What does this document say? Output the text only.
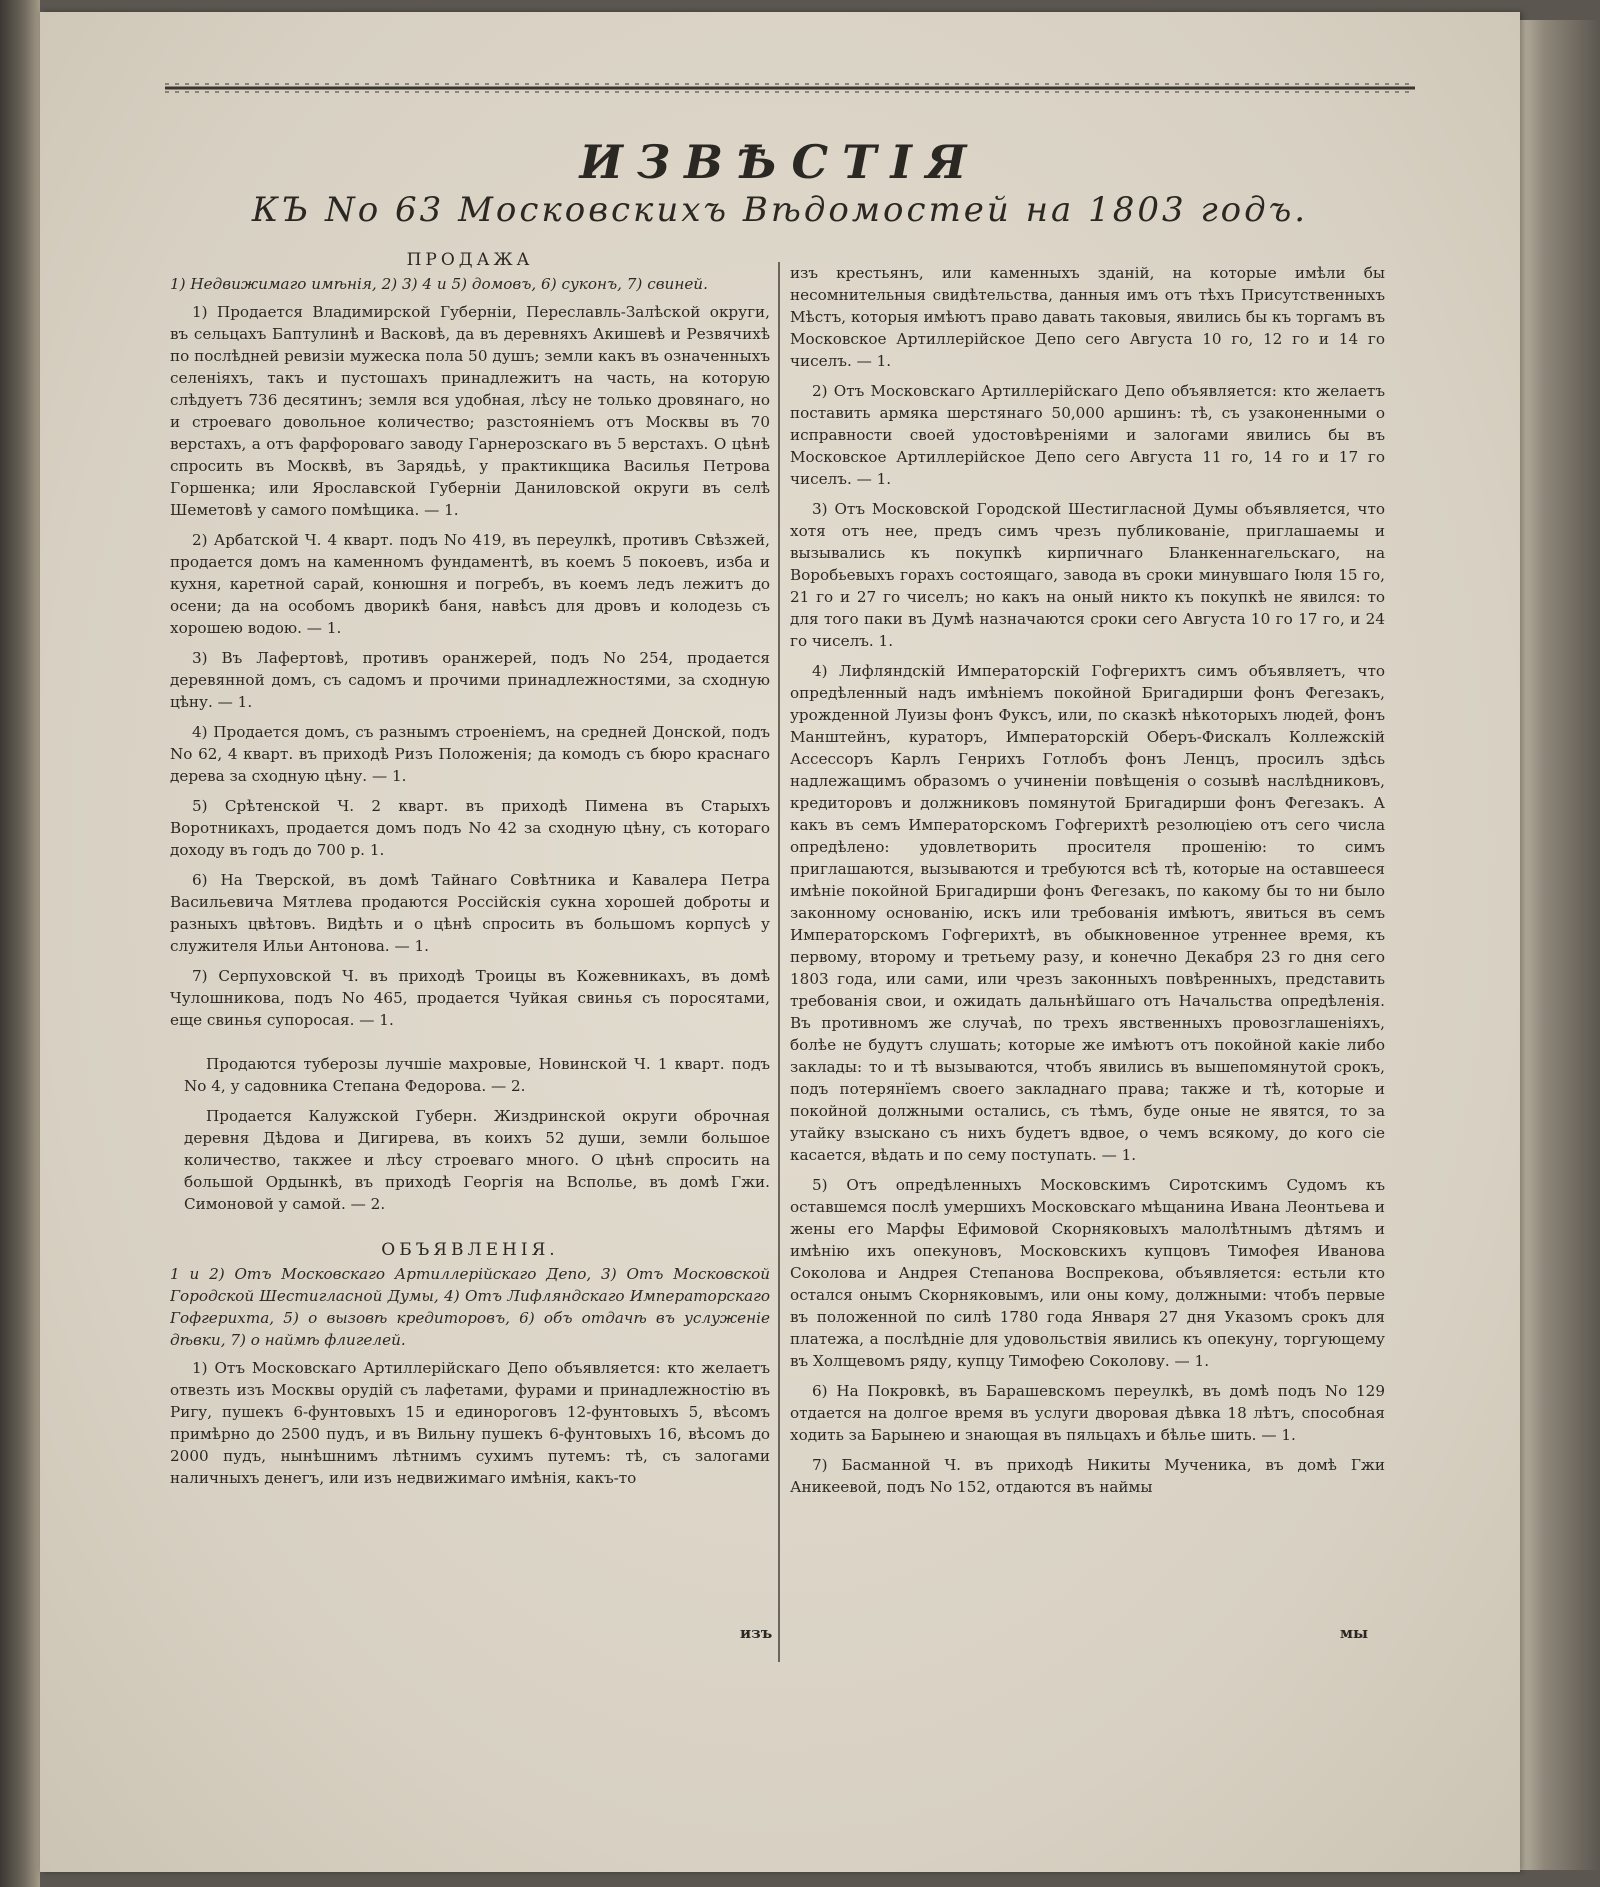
ИЗВѢСТІЯ
КЪ No 63 Московскихъ Вѣдомостей на 1803 годъ.
ПРОДАЖА
1) Недвижимаго имѣнія, 2) 3) 4 и 5) домовъ, 6) суконъ, 7) свиней.

1) Продается Владимирской Губерніи, Переславль-Залѣской округи, въ сельцахъ Баптулинѣ и Васковѣ, да въ деревняхъ Акишевѣ и Резвячихѣ по послѣдней ревизіи мужеска пола 50 душъ; земли какъ въ означенныхъ селеніяхъ, такъ и пустошахъ принадлежитъ на часть, на которую слѣдуетъ 736 десятинъ; земля вся удобная, лѣсу не только дровянаго, но и строеваго довольное количество; разстояніемъ отъ Москвы въ 70 верстахъ, а отъ фарфороваго заводу Гарнерозскаго въ 5 верстахъ. О цѣнѣ спросить въ Москвѣ, въ Зарядьѣ, у практикщика Василья Петрова Горшенка; или Ярославской Губерніи Даниловской округи въ селѣ Шеметовѣ у самого помѣщика. — 1.

2) Арбатской Ч. 4 кварт. подъ No 419, въ переулкѣ, противъ Свѣзжей, продается домъ на каменномъ фундаментѣ, въ коемъ 5 покоевъ, изба и кухня, каретной сарай, конюшня и погребъ, въ коемъ ледъ лежитъ до осени; да на особомъ дворикѣ баня, навѣсъ для дровъ и колодезь съ хорошею водою. — 1.

3) Въ Лафертовѣ, противъ оранжерей, подъ No 254, продается деревянной домъ, съ садомъ и прочими принадлежностями, за сходную цѣну. — 1.

4) Продается домъ, съ разнымъ строеніемъ, на средней Донской, подъ No 62, 4 кварт. въ приходѣ Ризъ Положенія; да комодъ съ бюро краснаго дерева за сходную цѣну. — 1.

5) Срѣтенской Ч. 2 кварт. въ приходѣ Пимена въ Старыхъ Воротникахъ, продается домъ подъ No 42 за сходную цѣну, съ котораго доходу въ годъ до 700 р. 1.

6) На Тверской, въ домѣ Тайнаго Совѣтника и Кавалера Петра Васильевича Мятлева продаются Россійскія сукна хорошей доброты и разныхъ цвѣтовъ. Видѣть и о цѣнѣ спросить въ большомъ корпусѣ у служителя Ильи Антонова. — 1.

7) Серпуховской Ч. въ приходѣ Троицы въ Кожевникахъ, въ домѣ Чулошникова, подъ No 465, продается Чуйкая свинья съ поросятами, еще свинья супоросая. — 1.

Продаются туберозы лучшіе махровые, Новинской Ч. 1 кварт. подъ No 4, у садовника Степана Федорова. — 2.

Продается Калужской Губерн. Жиздринской округи оброчная деревня Дѣдова и Дигирева, въ коихъ 52 души, земли большое количество, такжее и лѣсу строеваго много. О цѣнѣ спросить на большой Ордынкѣ, въ приходѣ Георгія на Всполье, въ домѣ Гжи. Симоновой у самой. — 2.

ОБЪЯВЛЕНІЯ.
1 и 2) Отъ Московскаго Артиллерійскаго Депо, 3) Отъ Московской Городской Шестигласной Думы, 4) Отъ Лифляндскаго Императорскаго Гофгерихта, 5) о вызовѣ кредиторовъ, 6) объ отдачѣ въ услуженіе дѣвки, 7) о наймѣ флигелей.

1) Отъ Московскаго Артиллерійскаго Депо объявляется: кто желаетъ отвезть изъ Москвы орудій съ лафетами, фурами и принадлежностію въ Ригу, пушекъ 6-фунтовыхъ 15 и единороговъ 12-фунтовыхъ 5, вѣсомъ примѣрно до 2500 пудъ, и въ Вильну пушекъ 6-фунтовыхъ 16, вѣсомъ до 2000 пудъ, нынѣшнимъ лѣтнимъ сухимъ путемъ: тѣ, съ залогами наличныхъ денегъ, или изъ недвижимаго имѣнія, какъ-то

изъ крестьянъ, или каменныхъ зданій, на которые имѣли бы несомнительныя свидѣтельства, данныя имъ отъ тѣхъ Присутственныхъ Мѣстъ, которыя имѣютъ право давать таковыя, явились бы къ торгамъ въ Московское Артиллерійское Депо сего Августа 10 го, 12 го и 14 го чиселъ. — 1.

2) Отъ Московскаго Артиллерійскаго Депо объявляется: кто желаетъ поставить армяка шерстянаго 50,000 аршинъ: тѣ, съ узаконенными о исправности своей удостовѣреніями и залогами явились бы въ Московское Артиллерійское Депо сего Августа 11 го, 14 го и 17 го чиселъ. — 1.

3) Отъ Московской Городской Шестигласной Думы объявляется, что хотя отъ нее, предъ симъ чрезъ публикованіе, приглашаемы и вызывались къ покупкѣ кирпичнаго Бланкеннагельскаго, на Воробьевыхъ горахъ состоящаго, завода въ сроки минувшаго Іюля 15 го, 21 го и 27 го чиселъ; но какъ на оный никто къ покупкѣ не явился: то для того паки въ Думѣ назначаются сроки сего Августа 10 го 17 го, и 24 го чиселъ. 1.

4) Лифляндскій Императорскій Гофгерихтъ симъ объявляетъ, что опредѣленный надъ имѣніемъ покойной Бригадирши фонъ Фегезакъ, урожденной Луизы фонъ Фуксъ, или, по сказкѣ нѣкоторыхъ людей, фонъ Манштейнъ, кураторъ, Императорскій Оберъ-Фискалъ Коллежскій Ассессоръ Карлъ Генрихъ Готлобъ фонъ Ленцъ, просилъ здѣсь надлежащимъ образомъ о учиненіи повѣщенія о созывѣ наслѣдниковъ, кредиторовъ и должниковъ помянутой Бригадирши фонъ Фегезакъ. А какъ въ семъ Императорскомъ Гофгерихтѣ резолюціею отъ сего числа опредѣлено: удовлетворить просителя прошенію: то симъ приглашаются, вызываются и требуются всѣ тѣ, которые на оставшееся имѣніе покойной Бригадирши фонъ Фегезакъ, по какому бы то ни было законному основанію, искъ или требованія имѣютъ, явиться въ семъ Императорскомъ Гофгерихтѣ, въ обыкновенное утреннее время, къ первому, второму и третьему разу, и конечно Декабря 23 го дня сего 1803 года, или сами, или чрезъ законныхъ повѣренныхъ, представить требованія свои, и ожидать дальнѣйшаго отъ Начальства опредѣленія. Въ противномъ же случаѣ, по трехъ явственныхъ провозглашеніяхъ, болѣе не будутъ слушать; которые же имѣютъ отъ покойной какіе либо заклады: то и тѣ вызываются, чтобъ явились въ вышепомянутой срокъ, подъ потерянїемъ своего закладнаго права; также и тѣ, которые и покойной должными остались, съ тѣмъ, буде оные не явятся, то за утайку взыскано съ нихъ будетъ вдвое, о чемъ всякому, до кого сіе касается, вѣдать и по сему поступать. — 1.

5) Отъ опредѣленныхъ Московскимъ Сиротскимъ Судомъ къ оставшемся послѣ умершихъ Московскаго мѣщанина Ивана Леонтьева и жены его Марфы Ефимовой Скорняковыхъ малолѣтнымъ дѣтямъ и имѣнію ихъ опекуновъ, Московскихъ купцовъ Тимофея Иванова Соколова и Андрея Степанова Воспрекова, объявляется: естьли кто остался онымъ Скорняковымъ, или оны кому, должными: чтобъ первые въ положенной по силѣ 1780 года Января 27 дня Указомъ срокъ для платежа, а послѣдніе для удовольствія явились къ опекуну, торгующему въ Холщевомъ ряду, купцу Тимофею Соколову. — 1.

6) На Покровкѣ, въ Барашевскомъ переулкѣ, въ домѣ подъ No 129 отдается на долгое время въ услуги дворовая дѣвка 18 лѣтъ, способная ходить за Барынею и знающая въ пяльцахъ и бѣлье шить. — 1.

7) Басманной Ч. въ приходѣ Никиты Мученика, въ домѣ Гжи Аникеевой, подъ No 152, отдаются въ наймы

изъ	мы
